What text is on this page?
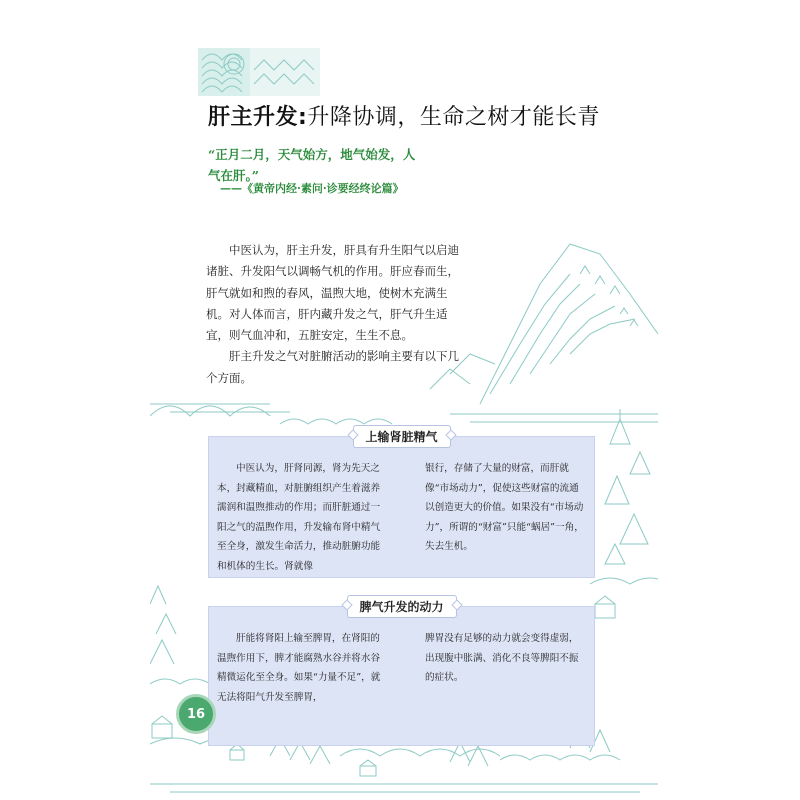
肝主升发:升降协调，生命之树才能长青
“正月二月，天气始方，地气始发，人气在肝。”
——《黄帝内经·素问·诊要经终论篇》

中医认为，肝主升发，肝具有升生阳气以启迪诸脏、升发阳气以调畅气机的作用。肝应春而生，肝气就如和煦的春风，温煦大地，使树木充满生机。对人体而言，肝内藏升发之气，肝气升生适宜，则气血冲和，五脏安定，生生不息。

肝主升发之气对脏腑活动的影响主要有以下几个方面。

上输肾脏精气

中医认为，肝肾同源，肾为先天之本，封藏精血，对脏腑组织产生着滋养濡润和温煦推动的作用；而肝脏通过一阳之气的温煦作用，升发输布肾中精气至全身，激发生命活力，推动脏腑功能和机体的生长。肾就像

银行，存储了大量的财富，而肝就像“市场动力”，促使这些财富的流通以创造更大的价值。如果没有“市场动力”，所谓的“财富”只能“蜗居”一角，失去生机。

脾气升发的动力

肝能将肾阳上输至脾胃，在肾阳的温煦作用下，脾才能腐熟水谷并将水谷精微运化至全身。如果“力量不足”，就无法将阳气升发至脾胃，

脾胃没有足够的动力就会变得虚弱，出现腹中胀满、消化不良等脾阳不振的症状。

16
